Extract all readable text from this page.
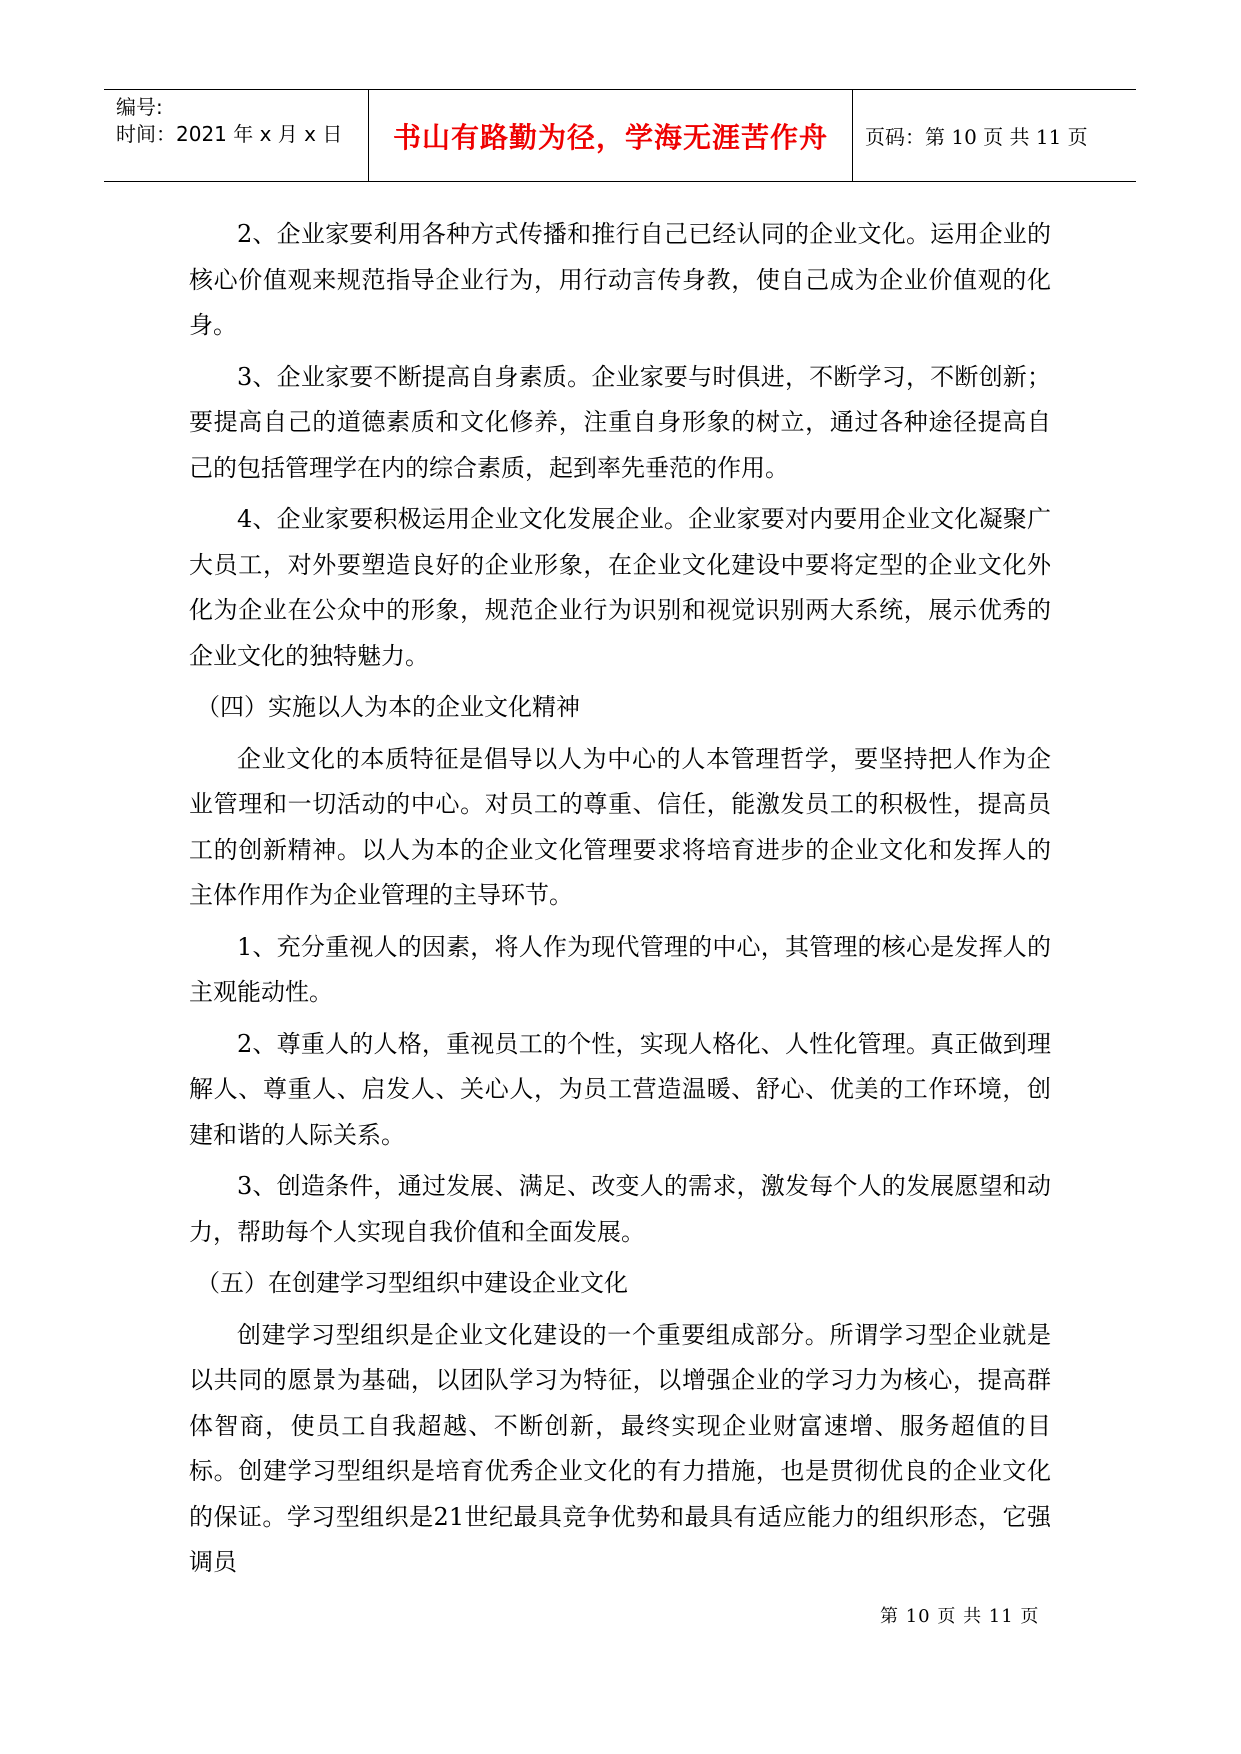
编号:
时间：2021 年 x 月 x 日	书山有路勤为径，学海无涯苦作舟 页码：第 10 页 共 11 页

2、企业家要利用各种方式传播和推行自己已经认同的企业文化。运用企业的核心价值观来规范指导企业行为，用行动言传身教，使自己成为企业价值观的化身。

3、企业家要不断提高自身素质。企业家要与时俱进，不断学习，不断创新；要提高自己的道德素质和文化修养，注重自身形象的树立，通过各种途径提高自己的包括管理学在内的综合素质，起到率先垂范的作用。

4、企业家要积极运用企业文化发展企业。企业家要对内要用企业文化凝聚广大员工，对外要塑造良好的企业形象，在企业文化建设中要将定型的企业文化外化为企业在公众中的形象，规范企业行为识别和视觉识别两大系统，展示优秀的企业文化的独特魅力。

（四）实施以人为本的企业文化精神

企业文化的本质特征是倡导以人为中心的人本管理哲学，要坚持把人作为企业管理和一切活动的中心。对员工的尊重、信任，能激发员工的积极性，提高员工的创新精神。以人为本的企业文化管理要求将培育进步的企业文化和发挥人的主体作用作为企业管理的主导环节。

1、充分重视人的因素，将人作为现代管理的中心，其管理的核心是发挥人的主观能动性。

2、尊重人的人格，重视员工的个性，实现人格化、人性化管理。真正做到理解人、尊重人、启发人、关心人，为员工营造温暖、舒心、优美的工作环境，创建和谐的人际关系。

3、创造条件，通过发展、满足、改变人的需求，激发每个人的发展愿望和动力，帮助每个人实现自我价值和全面发展。

（五）在创建学习型组织中建设企业文化

创建学习型组织是企业文化建设的一个重要组成部分。所谓学习型企业就是以共同的愿景为基础，以团队学习为特征，以增强企业的学习力为核心，提高群体智商，使员工自我超越、不断创新，最终实现企业财富速增、服务超值的目标。创建学习型组织是培育优秀企业文化的有力措施，也是贯彻优良的企业文化的保证。学习型组织是21世纪最具竞争优势和最具有适应能力的组织形态，它强调员

第 10 页 共 11 页
